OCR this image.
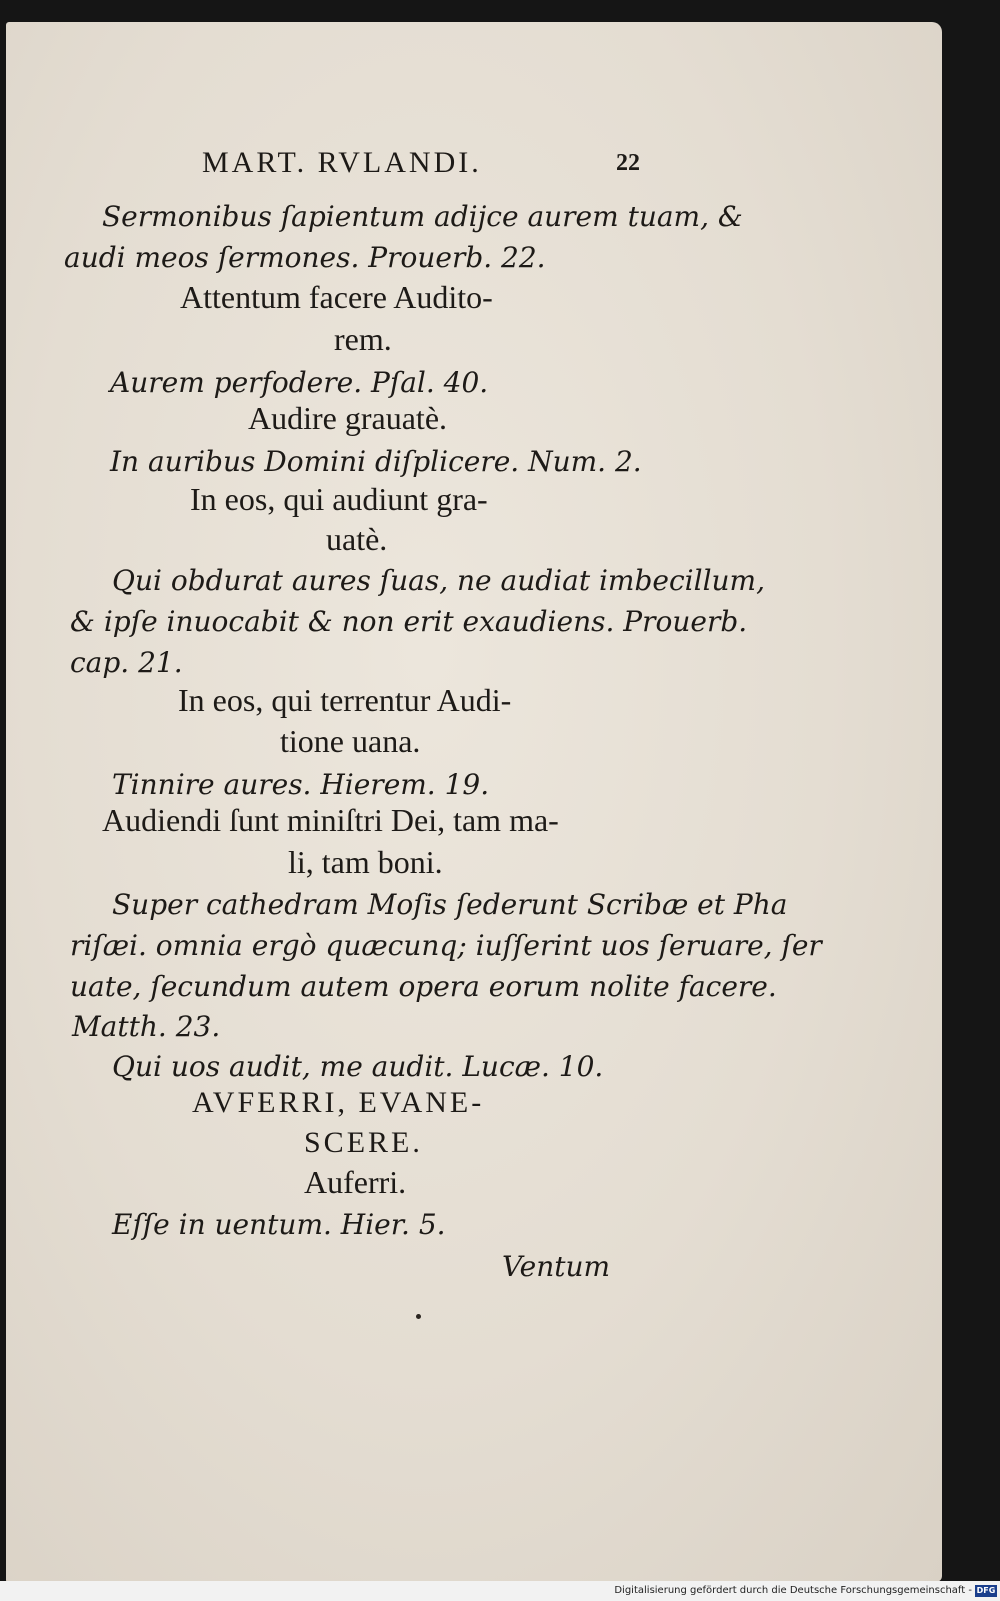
MART. RVLANDI.	22
Sermonibus ſapientum adijce aurem tuam, &
audi meos ſermones. Prouerb. 22.
Attentum facere Audito-
rem.
Aurem perfodere. Pſal. 40.
Audire grauatè.
In auribus Domini diſplicere. Num. 2.
In eos, qui audiunt gra-
uatè.
Qui obdurat aures ſuas, ne audiat imbecillum,
& ipſe inuocabit & non erit exaudiens. Prouerb.
cap. 21.
In eos, qui terrentur Audi-
tione uana.
Tinnire aures. Hierem. 19.
Audiendi ſunt miniſtri Dei, tam ma-
li, tam boni.
Super cathedram Moſis ſederunt Scribæ et Pha
riſæi. omnia ergò quæcunq; iuſſerint uos ſeruare, ſer
uate, ſecundum autem opera eorum nolite facere.
Matth. 23.
Qui uos audit, me audit. Lucæ. 10.
AVFERRI, EVANE-
SCERE.
Auferri.
Eſſe in uentum. Hier. 5.
Ventum
Digitalisierung gefördert durch die Deutsche Forschungsgemeinschaft - DFG
